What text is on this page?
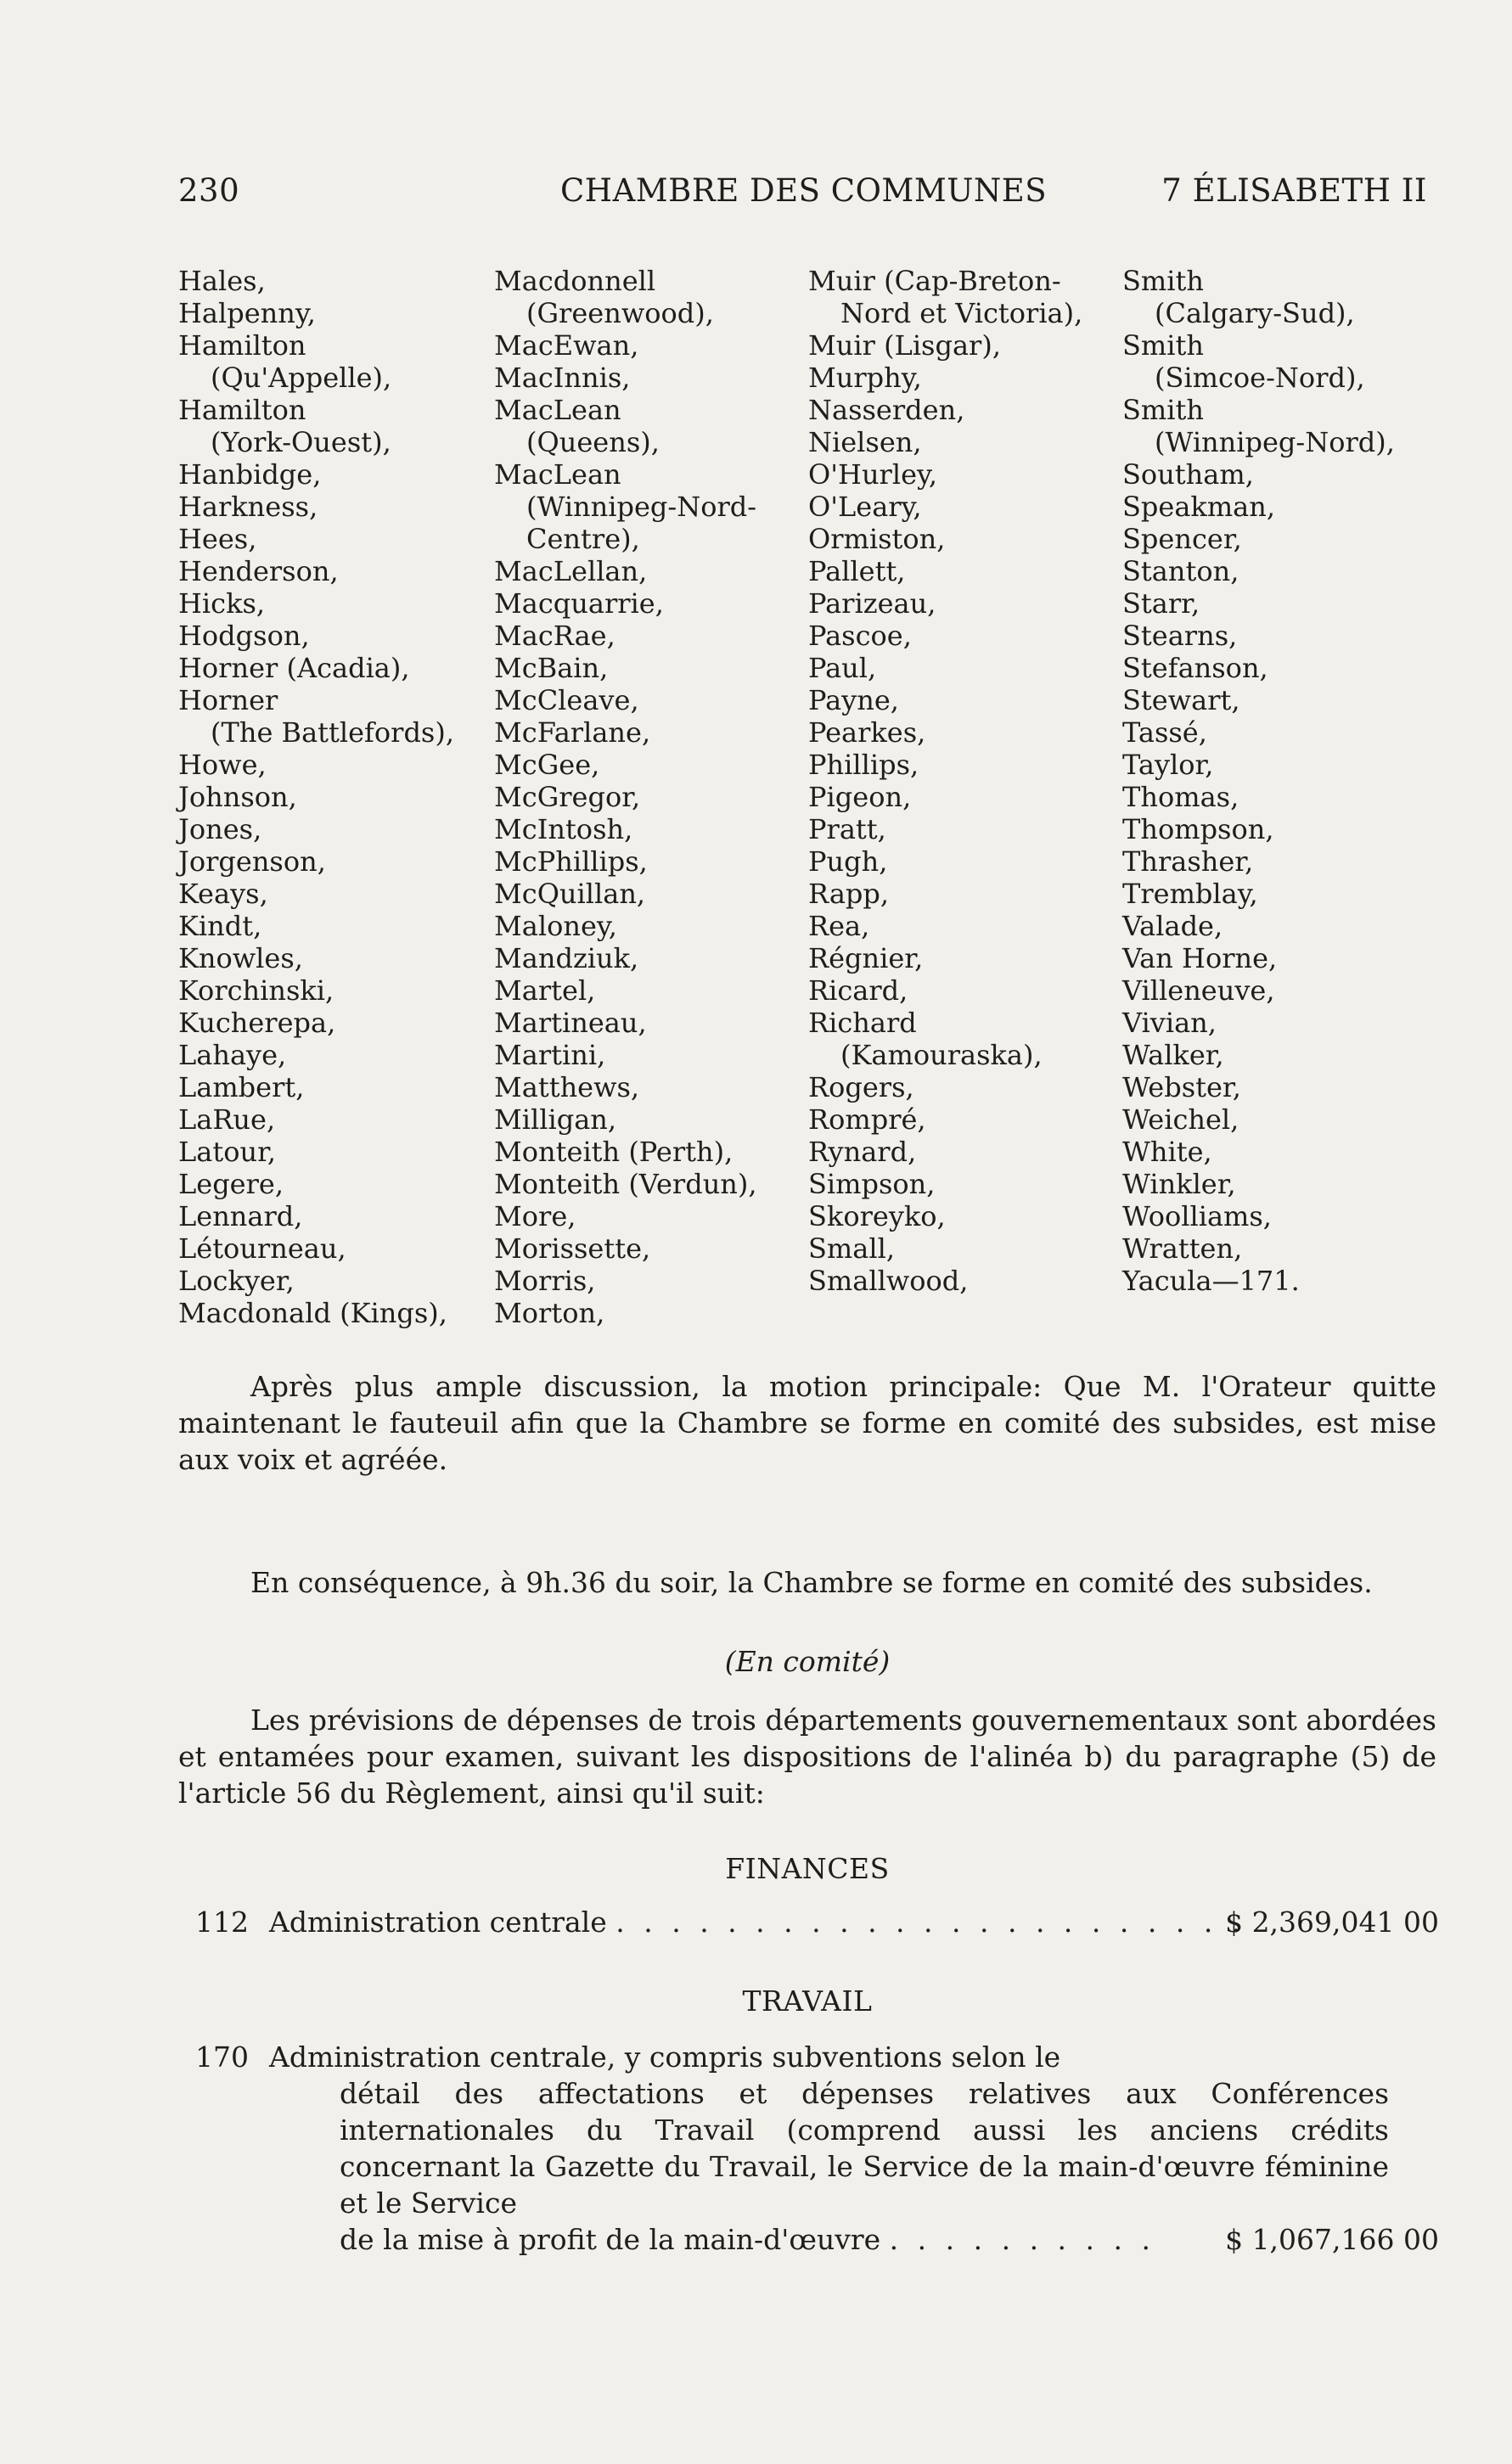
230	CHAMBRE DES COMMUNES	7 ÉLISABETH II
Hales,
Halpenny,
Hamilton
(Qu'Appelle),
Hamilton
(York-Ouest),
Hanbidge,
Harkness,
Hees,
Henderson,
Hicks,
Hodgson,
Horner (Acadia),
Horner
(The Battlefords),
Howe,
Johnson,
Jones,
Jorgenson,
Keays,
Kindt,
Knowles,
Korchinski,
Kucherepa,
Lahaye,
Lambert,
LaRue,
Latour,
Legere,
Lennard,
Létourneau,
Lockyer,
Macdonald (Kings),
Macdonnell
(Greenwood),
MacEwan,
MacInnis,
MacLean
(Queens),
MacLean
(Winnipeg-Nord-
Centre),
MacLellan,
Macquarrie,
MacRae,
McBain,
McCleave,
McFarlane,
McGee,
McGregor,
McIntosh,
McPhillips,
McQuillan,
Maloney,
Mandziuk,
Martel,
Martineau,
Martini,
Matthews,
Milligan,
Monteith (Perth),
Monteith (Verdun),
More,
Morissette,
Morris,
Morton,
Muir (Cap-Breton-
Nord et Victoria),
Muir (Lisgar),
Murphy,
Nasserden,
Nielsen,
O'Hurley,
O'Leary,
Ormiston,
Pallett,
Parizeau,
Pascoe,
Paul,
Payne,
Pearkes,
Phillips,
Pigeon,
Pratt,
Pugh,
Rapp,
Rea,
Régnier,
Ricard,
Richard
(Kamouraska),
Rogers,
Rompré,
Rynard,
Simpson,
Skoreyko,
Small,
Smallwood,
Smith
(Calgary-Sud),
Smith
(Simcoe-Nord),
Smith
(Winnipeg-Nord),
Southam,
Speakman,
Spencer,
Stanton,
Starr,
Stearns,
Stefanson,
Stewart,
Tassé,
Taylor,
Thomas,
Thompson,
Thrasher,
Tremblay,
Valade,
Van Horne,
Villeneuve,
Vivian,
Walker,
Webster,
Weichel,
White,
Winkler,
Woolliams,
Wratten,
Yacula—171.
Après plus ample discussion, la motion principale: Que M. l'Orateur quitte maintenant le fauteuil afin que la Chambre se forme en comité des subsides, est mise aux voix et agréée.
En conséquence, à 9h.36 du soir, la Chambre se forme en comité des subsides.
(En comité)
Les prévisions de dépenses de trois départements gouvernementaux sont abordées et entamées pour examen, suivant les dispositions de l'alinéa b) du paragraphe (5) de l'article 56 du Règlement, ainsi qu'il suit:
FINANCES
112 Administration centrale . . . . . . . . . . . . . . . . . . . . . . .
$ 2,369,041 00
TRAVAIL
170 Administration centrale, y compris subventions selon le
détail des affectations et dépenses relatives aux Conférences internationales du Travail (comprend aussi les anciens crédits concernant la Gazette du Travail, le Service de la main-d'œuvre féminine et le Service
de la mise à profit de la main-d'œuvre . . . . . . . . . . $ 1,067,166 00
